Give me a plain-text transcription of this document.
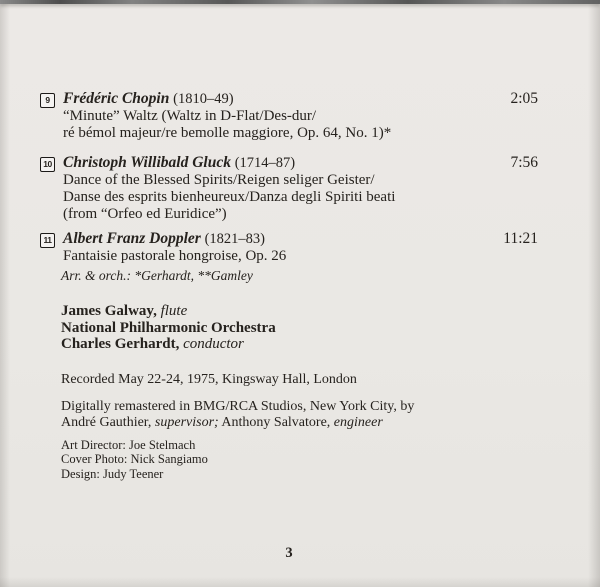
9 Frédéric Chopin (1810–49)
“Minute” Waltz (Waltz in D-Flat/Des-dur/
ré bémol majeur/re bemolle maggiore, Op. 64, No. 1)*
2:05
10 Christoph Willibald Gluck (1714–87)
Dance of the Blessed Spirits/Reigen seliger Geister/
Danse des esprits bienheureux/Danza degli Spiriti beati
(from “Orfeo ed Euridice”)
7:56
11 Albert Franz Doppler (1821–83)
Fantaisie pastorale hongroise, Op. 26
11:21
Arr. & orch.: *Gerhardt, **Gamley
James Galway, flute
National Philharmonic Orchestra
Charles Gerhardt, conductor
Recorded May 22-24, 1975, Kingsway Hall, London
Digitally remastered in BMG/RCA Studios, New York City, by
André Gauthier, supervisor; Anthony Salvatore, engineer
Art Director: Joe Stelmach
Cover Photo: Nick Sangiamo
Design: Judy Teener
3
